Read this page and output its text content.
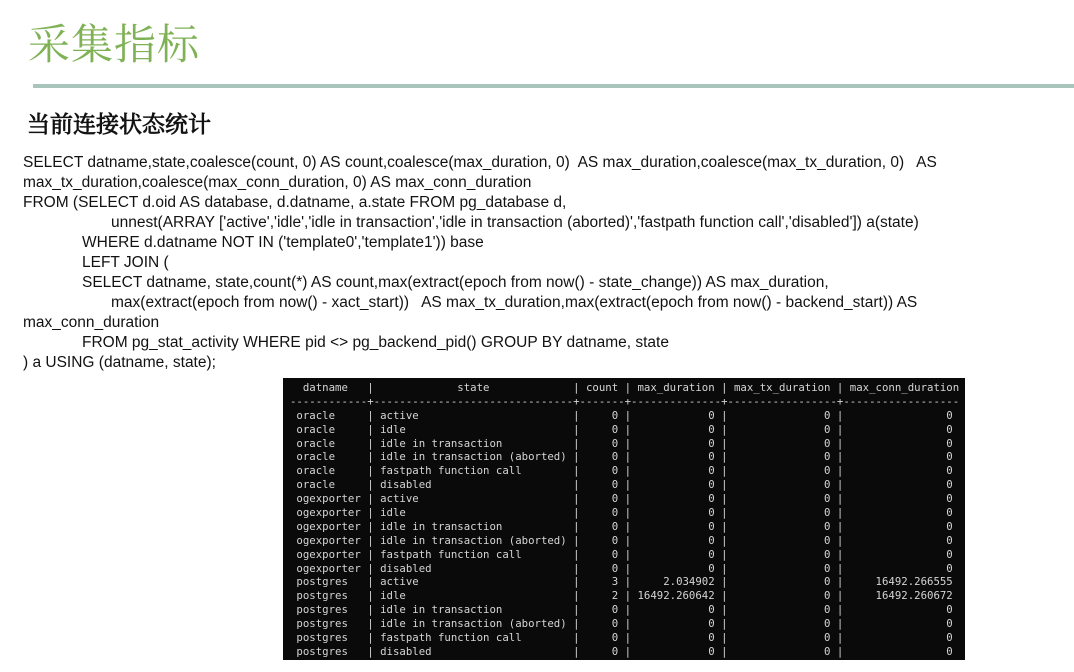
采集指标
当前连接状态统计
SELECT datname,state,coalesce(count, 0) AS count,coalesce(max_duration, 0)  AS max_duration,coalesce(max_tx_duration, 0)   AS
max_tx_duration,coalesce(max_conn_duration, 0) AS max_conn_duration
FROM (SELECT d.oid AS database, d.datname, a.state FROM pg_database d,
unnest(ARRAY ['active','idle','idle in transaction','idle in transaction (aborted)','fastpath function call','disabled']) a(state)
WHERE d.datname NOT IN ('template0','template1')) base
LEFT JOIN (
SELECT datname, state,count(*) AS count,max(extract(epoch from now() - state_change)) AS max_duration,
max(extract(epoch from now() - xact_start))   AS max_tx_duration,max(extract(epoch from now() - backend_start)) AS
max_conn_duration
FROM pg_stat_activity WHERE pid <> pg_backend_pid() GROUP BY datname, state
) a USING (datname, state);
datname   |             state             | count | max_duration | max_tx_duration | max_conn_duration
------------+-------------------------------+-------+--------------+-----------------+------------------
oracle     | active                        |     0 |            0 |               0 |                0
oracle     | idle                          |     0 |            0 |               0 |                0
oracle     | idle in transaction           |     0 |            0 |               0 |                0
oracle     | idle in transaction (aborted) |     0 |            0 |               0 |                0
oracle     | fastpath function call        |     0 |            0 |               0 |                0
oracle     | disabled                      |     0 |            0 |               0 |                0
ogexporter | active                        |     0 |            0 |               0 |                0
ogexporter | idle                          |     0 |            0 |               0 |                0
ogexporter | idle in transaction           |     0 |            0 |               0 |                0
ogexporter | idle in transaction (aborted) |     0 |            0 |               0 |                0
ogexporter | fastpath function call        |     0 |            0 |               0 |                0
ogexporter | disabled                      |     0 |            0 |               0 |                0
postgres   | active                        |     3 |     2.034902 |               0 |     16492.266555
postgres   | idle                          |     2 | 16492.260642 |               0 |     16492.260672
postgres   | idle in transaction           |     0 |            0 |               0 |                0
postgres   | idle in transaction (aborted) |     0 |            0 |               0 |                0
postgres   | fastpath function call        |     0 |            0 |               0 |                0
postgres   | disabled                      |     0 |            0 |               0 |                0
